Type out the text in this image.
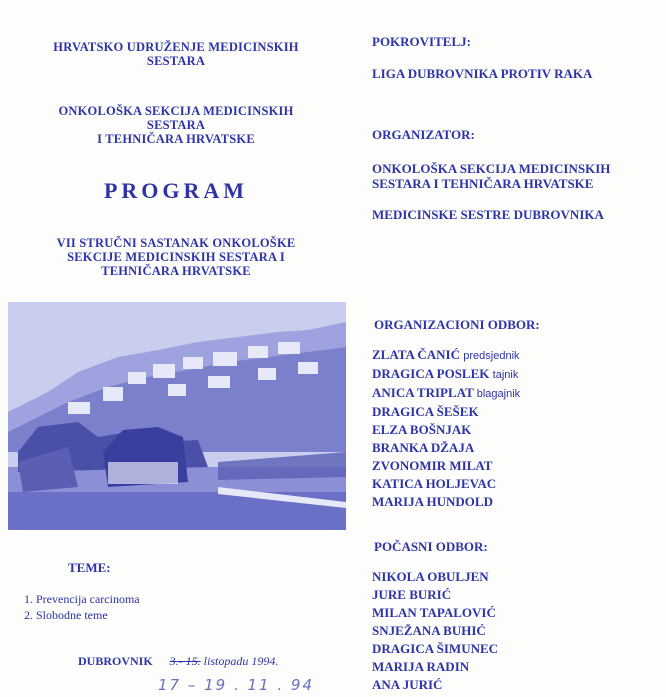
HRVATSKO UDRUŽENJE MEDICINSKIH
SESTARA
ONKOLOŠKA SEKCIJA MEDICINSKIH
SESTARA
I TEHNIČARA HRVATSKE
PROGRAM
VII STRUČNI SASTANAK ONKOLOŠKE
SEKCIJE MEDICINSKIH SESTARA I
TEHNIČARA HRVATSKE
TEME:
1. Prevencija carcinoma
2. Slobodne teme
DUBROVNIK 3.- 15. listopadu 1994.
17 – 19 . 11 . 94
POKROVITELJ:
LIGA DUBROVNIKA PROTIV RAKA
ORGANIZATOR:
ONKOLOŠKA SEKCIJA MEDICINSKIH
SESTARA I TEHNIČARA HRVATSKE
MEDICINSKE SESTRE DUBROVNIKA
ORGANIZACIONI ODBOR:
ZLATA ČANIĆ predsjednik
DRAGICA POSLEK tajnik
ANICA TRIPLAT blagajnik
DRAGICA ŠEŠEK
ELZA BOŠNJAK
BRANKA DŽAJA
ZVONOMIR MILAT
KATICA HOLJEVAC
MARIJA HUNDOLD
POČASNI ODBOR:
NIKOLA OBULJEN
JURE BURIĆ
MILAN TAPALOVIĆ
SNJEŽANA BUHIĆ
DRAGICA ŠIMUNEC
MARIJA RADIN
ANA JURIĆ
